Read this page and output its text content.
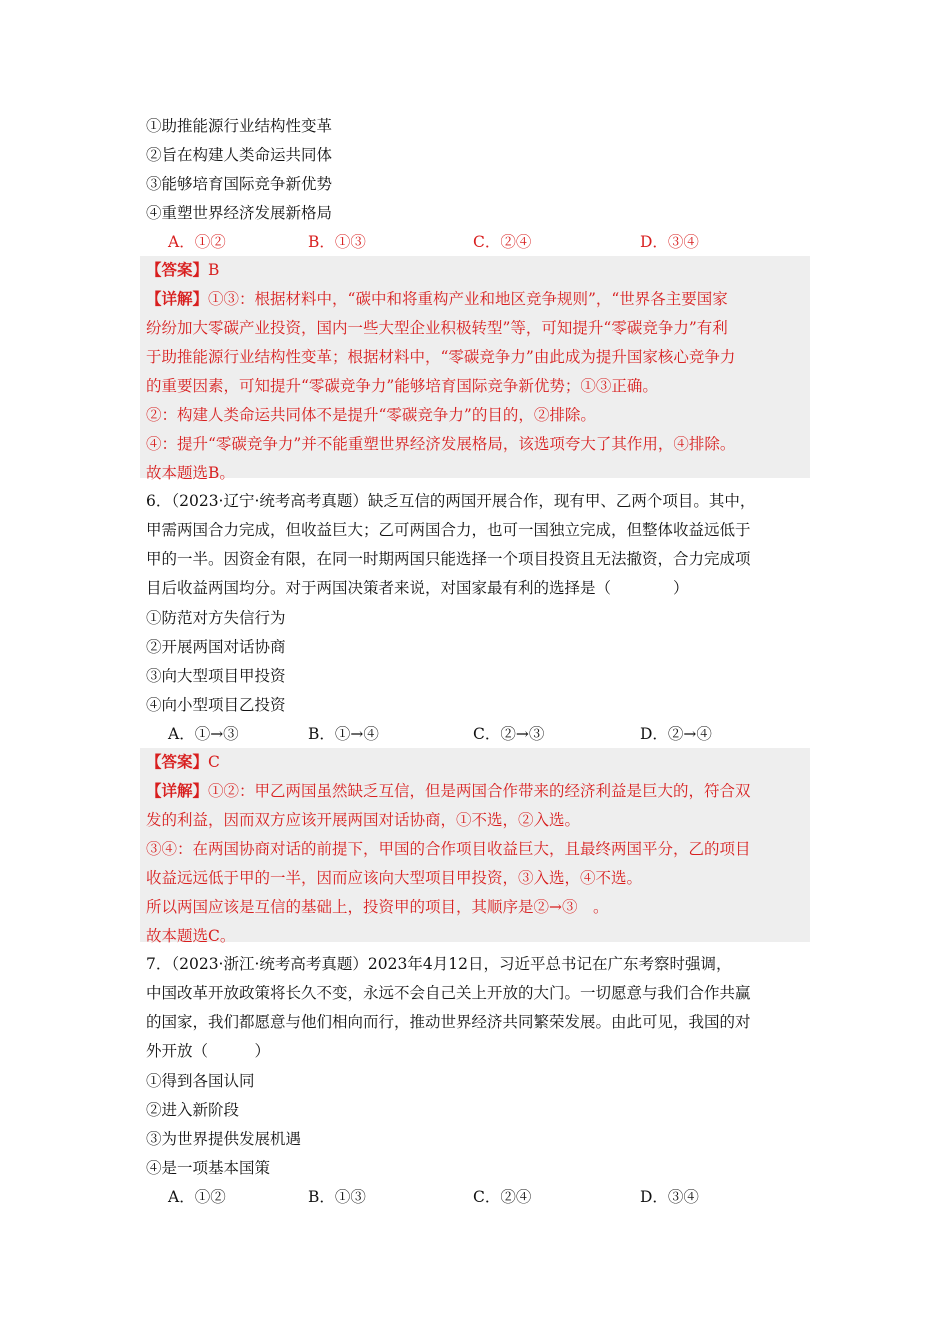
①助推能源行业结构性变革
②旨在构建人类命运共同体
③能够培育国际竞争新优势
④重塑世界经济发展新格局
A．①②	B．①③	C．②④	D．③④
【答案】B
【详解】①③：根据材料中，“碳中和将重构产业和地区竞争规则”，“世界各主要国家
纷纷加大零碳产业投资，国内一些大型企业积极转型”等，可知提升“零碳竞争力”有利
于助推能源行业结构性变革；根据材料中，“零碳竞争力”由此成为提升国家核心竞争力
的重要因素，可知提升“零碳竞争力”能够培育国际竞争新优势；①③正确。
②：构建人类命运共同体不是提升“零碳竞争力”的目的，②排除。
④：提升“零碳竞争力”并不能重塑世界经济发展格局，该选项夸大了其作用，④排除。
故本题选B。
6．（2023·辽宁·统考高考真题）缺乏互信的两国开展合作，现有甲、乙两个项目。其中，
甲需两国合力完成，但收益巨大；乙可两国合力，也可一国独立完成，但整体收益远低于
甲的一半。因资金有限，在同一时期两国只能选择一个项目投资且无法撤资，合力完成项
目后收益两国均分。对于两国决策者来说，对国家最有利的选择是（　　　　）
①防范对方失信行为
②开展两国对话协商
③向大型项目甲投资
④向小型项目乙投资
A．①→③	B．①→④	C．②→③	D．②→④
【答案】C
【详解】①②：甲乙两国虽然缺乏互信，但是两国合作带来的经济利益是巨大的，符合双
发的利益，因而双方应该开展两国对话协商，①不选，②入选。
③④：在两国协商对话的前提下，甲国的合作项目收益巨大，且最终两国平分，乙的项目
收益远远低于甲的一半，因而应该向大型项目甲投资，③入选，④不选。
所以两国应该是互信的基础上，投资甲的项目，其顺序是②→③　。
故本题选C。
7．（2023·浙江·统考高考真题）2023年4月12日，习近平总书记在广东考察时强调，
中国改革开放政策将长久不变，永远不会自己关上开放的大门。一切愿意与我们合作共赢
的国家，我们都愿意与他们相向而行，推动世界经济共同繁荣发展。由此可见，我国的对
外开放（　　　）
①得到各国认同
②进入新阶段
③为世界提供发展机遇
④是一项基本国策
A．①②	B．①③	C．②④	D．③④
